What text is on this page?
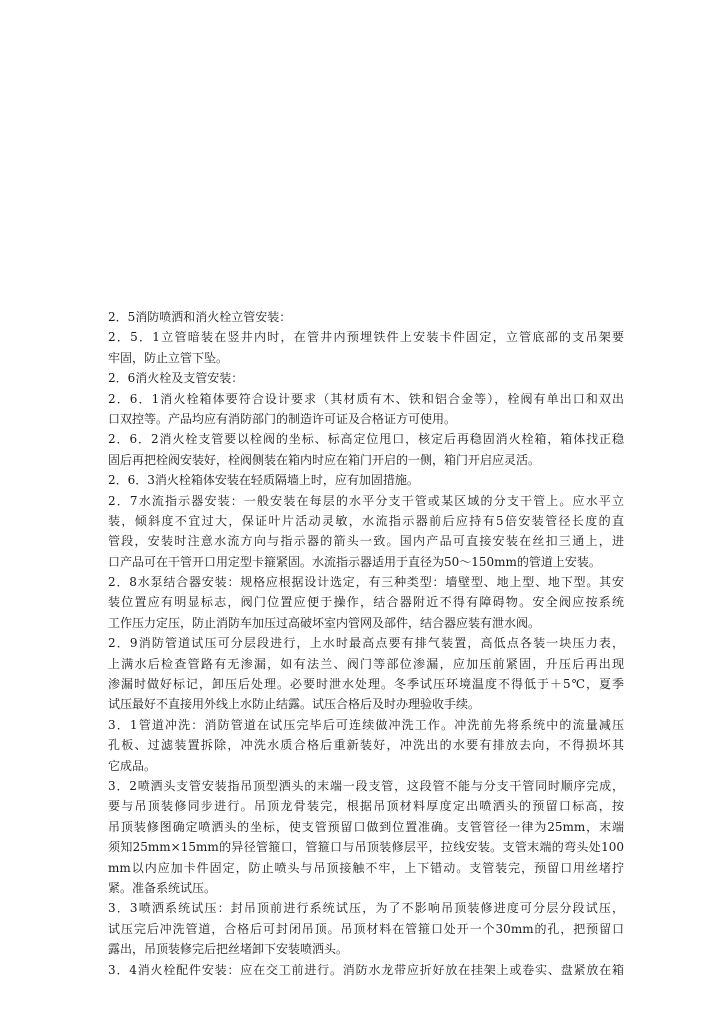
2．5消防喷洒和消火栓立管安装：
2．5．1立管暗装在竖井内时，在管井内预埋铁件上安装卡件固定，立管底部的支吊架要
牢固，防止立管下坠。
2．6消火栓及支管安装：
2．6．1消火栓箱体要符合设计要求（其材质有木、铁和铝合金等），栓阀有单出口和双出
口双控等。产品均应有消防部门的制造许可证及合格证方可使用。
2．6．2消火栓支管要以栓阀的坐标、标高定位甩口，核定后再稳固消火栓箱，箱体找正稳
固后再把栓阀安装好，栓阀侧装在箱内时应在箱门开启的一侧，箱门开启应灵活。
2．6．3消火栓箱体安装在轻质隔墙上时，应有加固措施。
2．7水流指示器安装：一般安装在每层的水平分支干管或某区域的分支干管上。应水平立
装，倾斜度不宜过大，保证叶片活动灵敏，水流指示器前后应持有5倍安装管径长度的直
管段，安装时注意水流方向与指示器的箭头一致。国内产品可直接安装在丝扣三通上，进
口产品可在干管开口用定型卡箍紧固。水流指示器适用于直径为50～150mm的管道上安装。
2．8水泵结合器安装：规格应根据设计选定，有三种类型：墙壁型、地上型、地下型。其安
装位置应有明显标志，阀门位置应便于操作，结合器附近不得有障碍物。安全阀应按系统
工作压力定压，防止消防车加压过高破坏室内管网及部件，结合器应装有泄水阀。
2．9消防管道试压可分层段进行，上水时最高点要有排气装置，高低点各装一块压力表，
上满水后检查管路有无渗漏，如有法兰、阀门等部位渗漏，应加压前紧固，升压后再出现
渗漏时做好标记，卸压后处理。必要时泄水处理。冬季试压环境温度不得低于＋5℃，夏季
试压最好不直接用外线上水防止结露。试压合格后及时办理验收手续。
3．1管道冲洗：消防管道在试压完毕后可连续做冲洗工作。冲洗前先将系统中的流量减压
孔板、过滤装置拆除，冲洗水质合格后重新装好，冲洗出的水要有排放去向，不得损坏其
它成品。
3．2喷洒头支管安装指吊顶型洒头的末端一段支管，这段管不能与分支干管同时顺序完成，
要与吊顶装修同步进行。吊顶龙骨装完，根据吊顶材料厚度定出喷洒头的预留口标高，按
吊顶装修图确定喷洒头的坐标，使支管预留口做到位置准确。支管管径一律为25mm，末端
须知25mm×15mm的异径管箍口，管箍口与吊顶装修层平，拉线安装。支管末端的弯头处100
mm以内应加卡件固定，防止喷头与吊顶接触不牢，上下错动。支管装完，预留口用丝堵拧
紧。准备系统试压。
3．3喷洒系统试压：封吊顶前进行系统试压，为了不影响吊顶装修进度可分层分段试压，
试压完后冲洗管道，合格后可封闭吊顶。吊顶材料在管箍口处开一个30mm的孔，把预留口
露出，吊顶装修完后把丝堵卸下安装喷洒头。
3．4消火栓配件安装：应在交工前进行。消防水龙带应折好放在挂架上或卷实、盘紧放在箱
